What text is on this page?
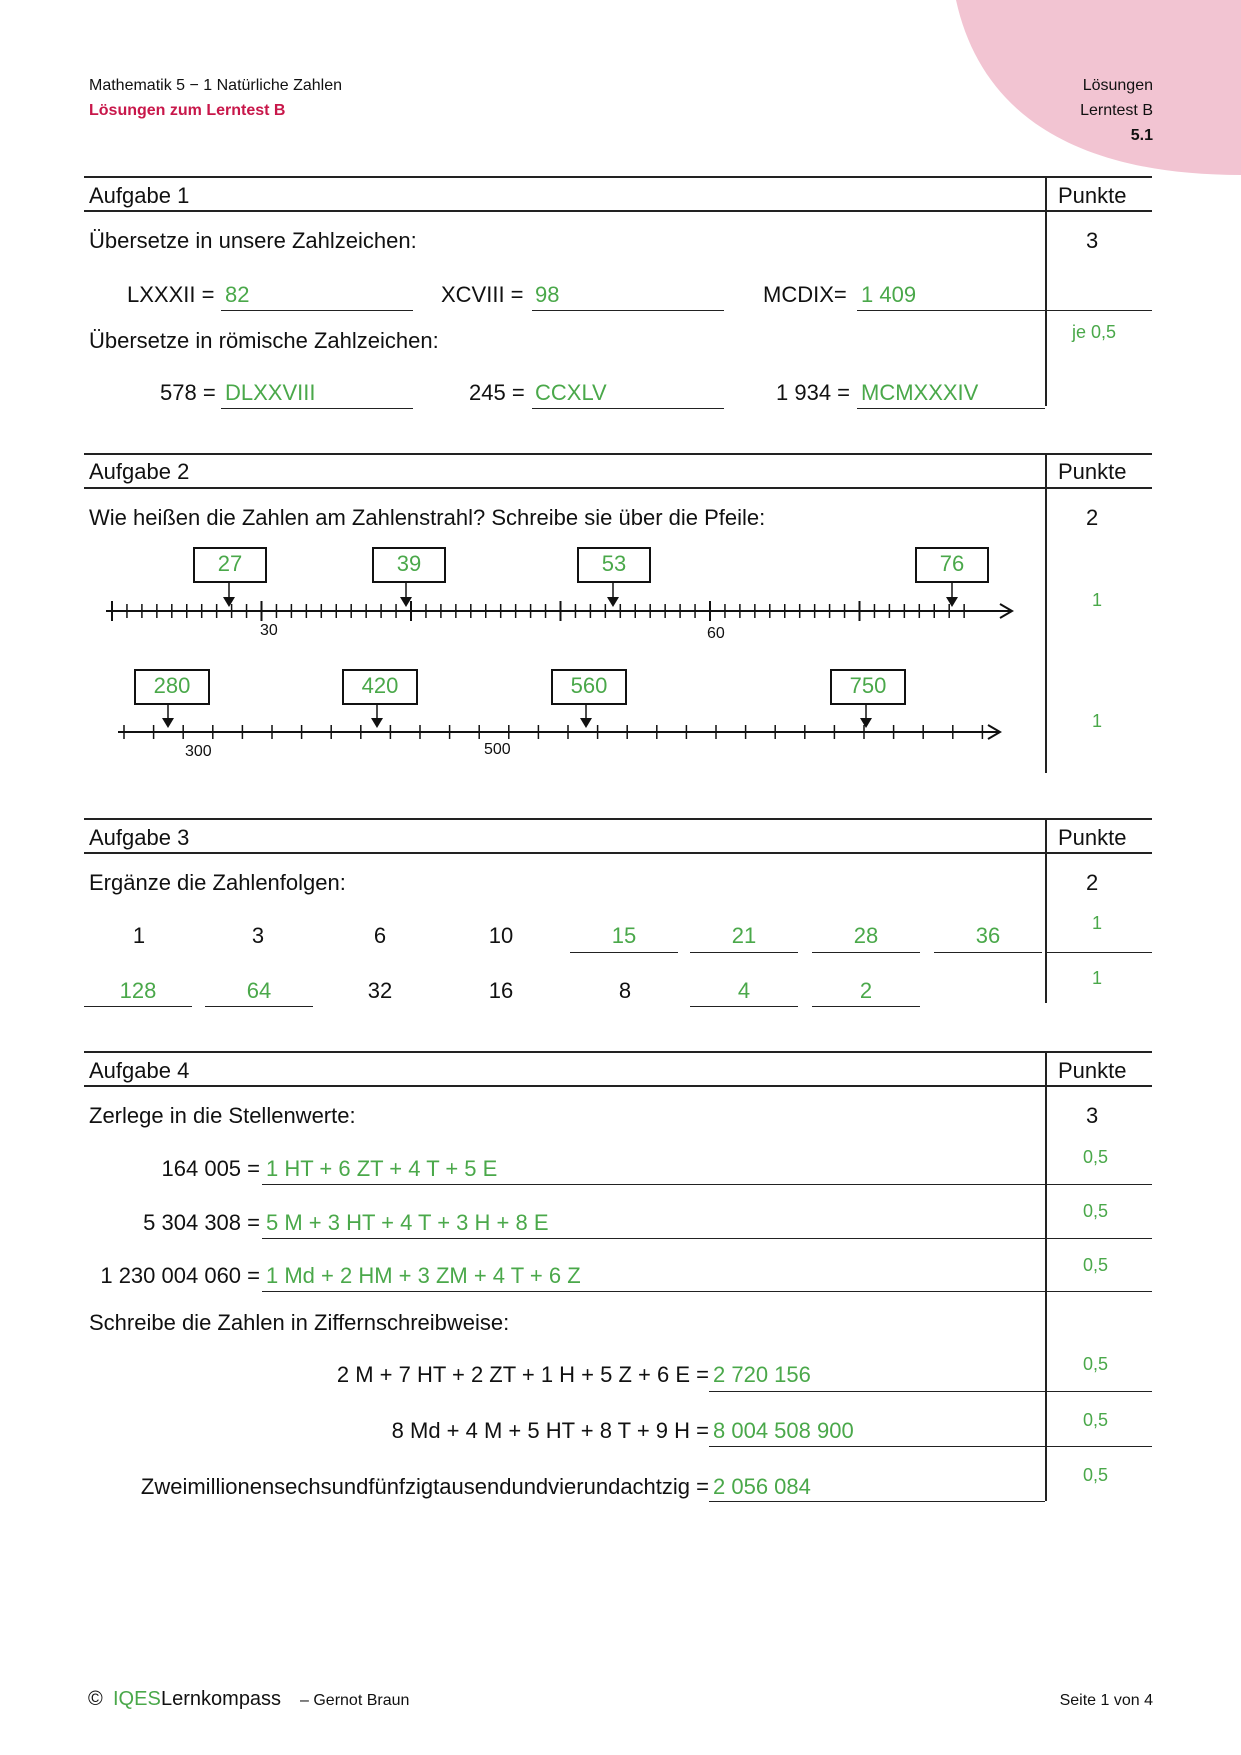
Mathematik 5 − 1 Natürliche Zahlen
Lösungen zum Lerntest B
Lösungen
Lerntest B
5.1
Aufgabe 1	Punkte
Übersetze in unsere Zahlzeichen:	3
LXXXII = 82	XCVIII = 98	MCDIX= 1 409
Übersetze in römische Zahlzeichen:	je 0,5
578 = DLXXVIII	245 = CCXLV	1 934 = MCMXXXIV
Aufgabe 2	Punkte
Wie heißen die Zahlen am Zahlenstrahl? Schreibe sie über die Pfeile:	2
1
1
27	39	53	76
280	420	560	750
30	60
300	500
Aufgabe 3	Punkte
Ergänze die Zahlenfolgen:	2
1
1
1	3	6	10	15	21	28	36
128	64	32	16	8	4	2
Aufgabe 4	Punkte
Zerlege in die Stellenwerte:	3
164 005 = 1 HT + 6 ZT + 4 T + 5 E	0,5
5 304 308 = 5 M + 3 HT + 4 T + 3 H + 8 E	0,5
1 230 004 060 = 1 Md + 2 HM + 3 ZM + 4 T + 6 Z	0,5
Schreibe die Zahlen in Ziffernschreibweise:
2 M + 7 HT + 2 ZT + 1 H + 5 Z + 6 E = 2 720 156	0,5
8 Md + 4 M + 5 HT + 8 T + 9 H = 8 004 508 900	0,5
Zweimillionensechsundfünfzigtausendundvierundachtzig = 2 056 084	0,5
© IQES Lernkompass – Gernot Braun	Seite 1 von 4
